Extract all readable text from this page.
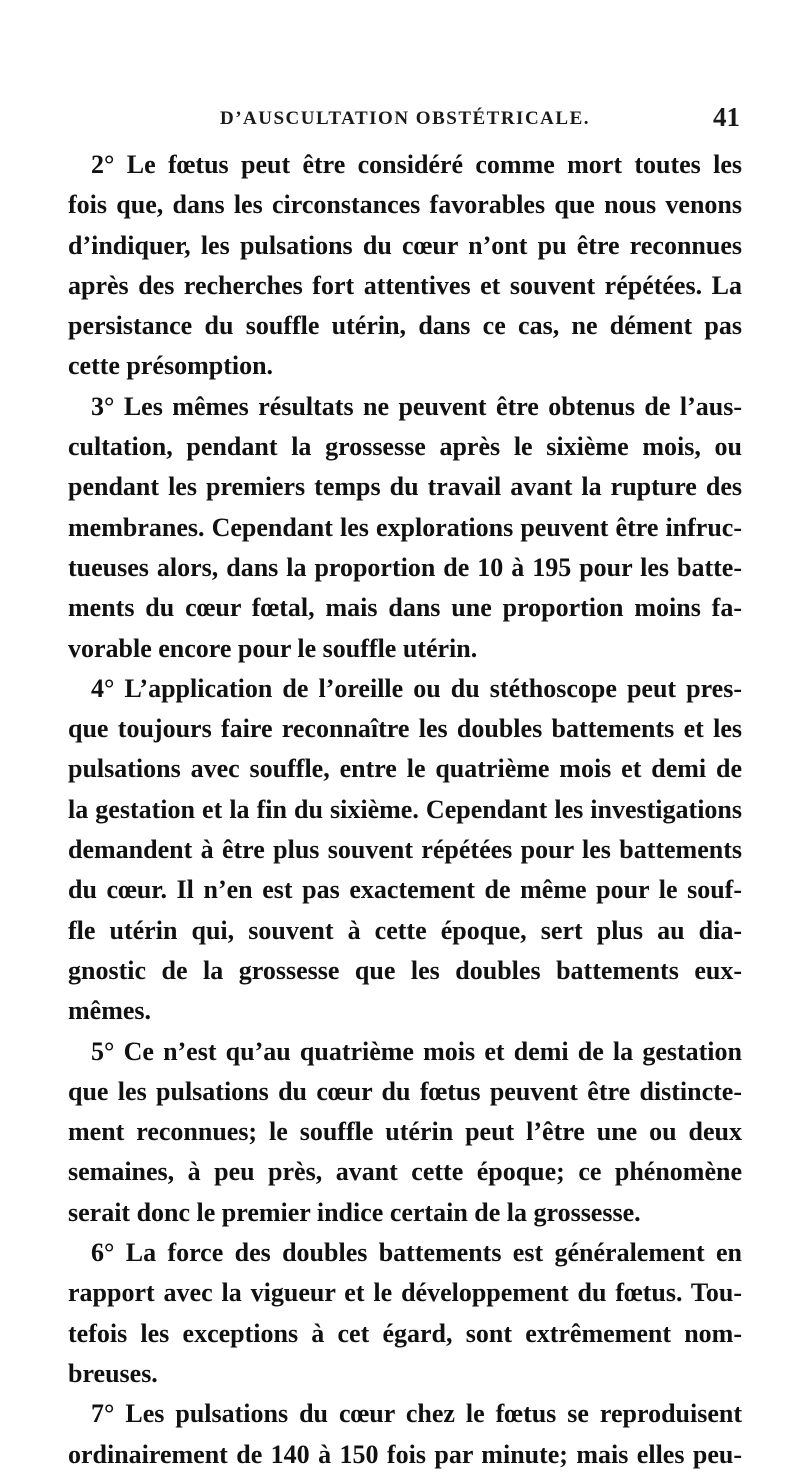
D’AUSCULTATION OBSTÉTRICALE.	41
2° Le fœtus peut être considéré comme mort toutes les
fois que, dans les circonstances favorables que nous venons
d’indiquer, les pulsations du cœur n’ont pu être reconnues
après des recherches fort attentives et souvent répétées. La
persistance du souffle utérin, dans ce cas, ne dément pas
cette présomption.
3° Les mêmes résultats ne peuvent être obtenus de l’aus-
cultation, pendant la grossesse après le sixième mois, ou
pendant les premiers temps du travail avant la rupture des
membranes. Cependant les explorations peuvent être infruc-
tueuses alors, dans la proportion de 10 à 195 pour les batte-
ments du cœur fœtal, mais dans une proportion moins fa-
vorable encore pour le souffle utérin.
4° L’application de l’oreille ou du stéthoscope peut pres-
que toujours faire reconnaître les doubles battements et les
pulsations avec souffle, entre le quatrième mois et demi de
la gestation et la fin du sixième. Cependant les investigations
demandent à être plus souvent répétées pour les battements
du cœur. Il n’en est pas exactement de même pour le souf-
fle utérin qui, souvent à cette époque, sert plus au dia-
gnostic de la grossesse que les doubles battements eux-
mêmes.
5° Ce n’est qu’au quatrième mois et demi de la gestation
que les pulsations du cœur du fœtus peuvent être distincte-
ment reconnues; le souffle utérin peut l’être une ou deux
semaines, à peu près, avant cette époque; ce phénomène
serait donc le premier indice certain de la grossesse.
6° La force des doubles battements est généralement en
rapport avec la vigueur et le développement du fœtus. Tou-
tefois les exceptions à cet égard, sont extrêmement nom-
breuses.
7° Les pulsations du cœur chez le fœtus se reproduisent
ordinairement de 140 à 150 fois par minute; mais elles peu-
